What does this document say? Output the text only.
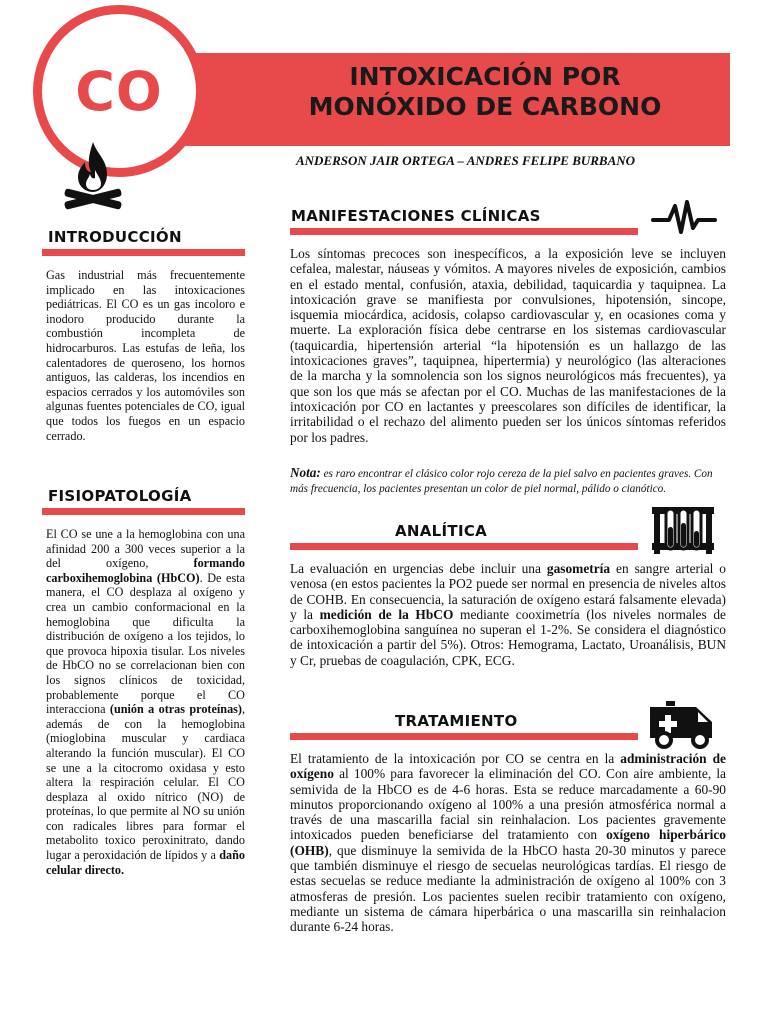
CO	INTOXICACIÓN POR
MONÓXIDO DE CARBONO
ANDERSON JAIR ORTEGA – ANDRES FELIPE BURBANO
INTRODUCCIÓN
Gas industrial más frecuentemente implicado en las intoxicaciones pediátricas. El CO es un gas incoloro e inodoro producido durante la combustión incompleta de hidrocarburos. Las estufas de leña, los calentadores de queroseno, los hornos antiguos, las calderas, los incendios en espacios cerrados y los automóviles son algunas fuentes potenciales de CO, igual que todos los fuegos en un espacio cerrado.
FISIOPATOLOGÍA
El CO se une a la hemoglobina con una afinidad 200 a 300 veces superior a la del oxígeno, formando carboxihemoglobina (HbCO). De esta manera, el CO desplaza al oxígeno y crea un cambio conformacional en la hemoglobina que dificulta la distribución de oxígeno a los tejidos, lo que provoca hipoxia tisular. Los niveles de HbCO no se correlacionan bien con los signos clínicos de toxicidad, probablemente porque el CO interacciona (unión a otras proteínas), además de con la hemoglobina (mioglobina muscular y cardiaca alterando la función muscular). El CO se une a la citocromo oxidasa y esto altera la respiración celular. El CO desplaza al oxido nítrico (NO) de proteínas, lo que permite al NO su unión con radicales libres para formar el metabolito toxico peroxinitrato, dando lugar a peroxidación de lípidos y a daño celular directo.
MANIFESTACIONES CLÍNICAS
Los síntomas precoces son inespecíficos, a la exposición leve se incluyen cefalea, malestar, náuseas y vómitos. A mayores niveles de exposición, cambios en el estado mental, confusión, ataxia, debilidad, taquicardia y taquipnea. La intoxicación grave se manifiesta por convulsiones, hipotensión, sincope, isquemia miocárdica, acidosis, colapso cardiovascular y, en ocasiones coma y muerte. La exploración física debe centrarse en los sistemas cardiovascular (taquicardia, hipertensión arterial “la hipotensión es un hallazgo de las intoxicaciones graves”, taquipnea, hipertermia) y neurológico (las alteraciones de la marcha y la somnolencia son los signos neurológicos más frecuentes), ya que son los que más se afectan por el CO. Muchas de las manifestaciones de la intoxicación por CO en lactantes y preescolares son difíciles de identificar, la irritabilidad o el rechazo del alimento pueden ser los únicos síntomas referidos por los padres.
Nota: es raro encontrar el clásico color rojo cereza de la piel salvo en pacientes graves. Con más frecuencia, los pacientes presentan un color de piel normal, pálido o cianótico.
ANALÍTICA
La evaluación en urgencias debe incluir una gasometría en sangre arterial o venosa (en estos pacientes la PO2 puede ser normal en presencia de niveles altos de COHB. En consecuencia, la saturación de oxígeno estará falsamente elevada) y la medición de la HbCO mediante cooximetría (los niveles normales de carboxihemoglobina sanguínea no superan el 1-2%. Se considera el diagnóstico de intoxicación a partir del 5%). Otros: Hemograma, Lactato, Uroanálisis, BUN y Cr, pruebas de coagulación, CPK, ECG.
TRATAMIENTO
El tratamiento de la intoxicación por CO se centra en la administración de oxígeno al 100% para favorecer la eliminación del CO. Con aire ambiente, la semivida de la HbCO es de 4-6 horas. Esta se reduce marcadamente a 60-90 minutos proporcionando oxígeno al 100% a una presión atmosférica normal a través de una mascarilla facial sin reinhalacion. Los pacientes gravemente intoxicados pueden beneficiarse del tratamiento con oxígeno hiperbárico (OHB), que disminuye la semivida de la HbCO hasta 20-30 minutos y parece que también disminuye el riesgo de secuelas neurológicas tardías. El riesgo de estas secuelas se reduce mediante la administración de oxígeno al 100% con 3 atmosferas de presión. Los pacientes suelen recibir tratamiento con oxígeno, mediante un sistema de cámara hiperbárica o una mascarilla sin reinhalacion durante 6-24 horas.
